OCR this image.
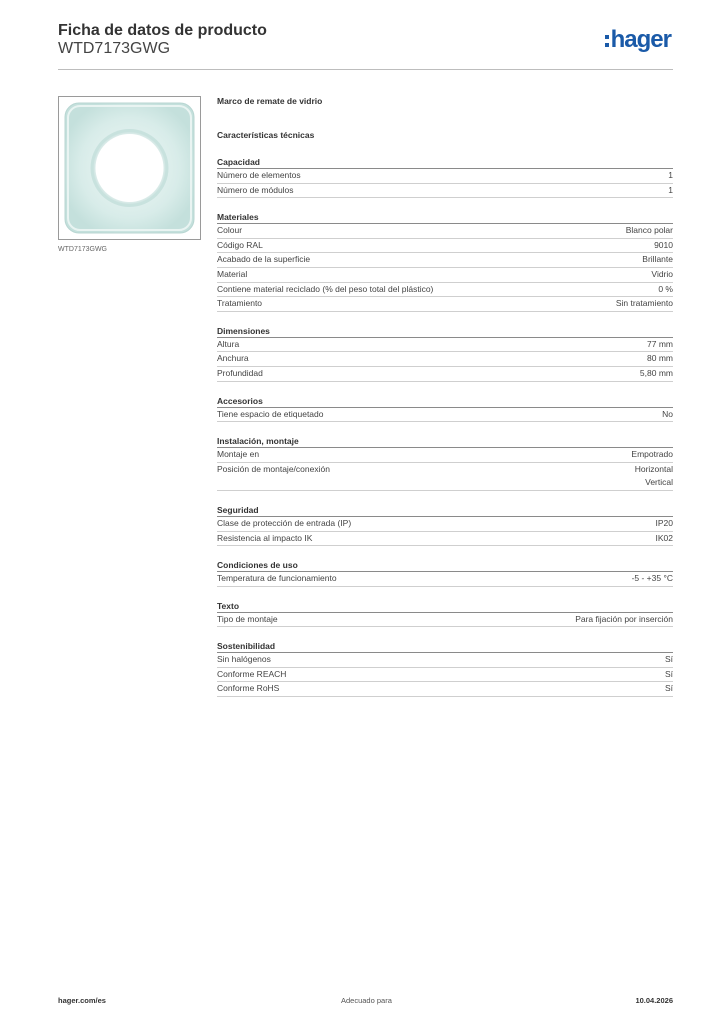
Ficha de datos de producto
WTD7173GWG	hager
WTD7173GWG
Marco de remate de vidrio
Características técnicas
Capacidad
Número de elementos	1
Número de módulos	1
Materiales
Colour	Blanco polar
Código RAL	9010
Acabado de la superficie	Brillante
Material	Vidrio
Contiene material reciclado (% del peso total del plástico)	0 %
Tratamiento	Sin tratamiento
Dimensiones
Altura	77 mm
Anchura	80 mm
Profundidad	5,80 mm
Accesorios
Tiene espacio de etiquetado	No
Instalación, montaje
Montaje en	Empotrado
Posición de montaje/conexión	Horizontal
Vertical
Seguridad
Clase de protección de entrada (IP)	IP20
Resistencia al impacto IK	IK02
Condiciones de uso
Temperatura de funcionamiento	-5 - +35 °C
Texto
Tipo de montaje	Para fijación por inserción
Sostenibilidad
Sin halógenos	Sí
Conforme REACH	Sí
Conforme RoHS	Sí
hager.com/es	Adecuado para	10.04.2026
